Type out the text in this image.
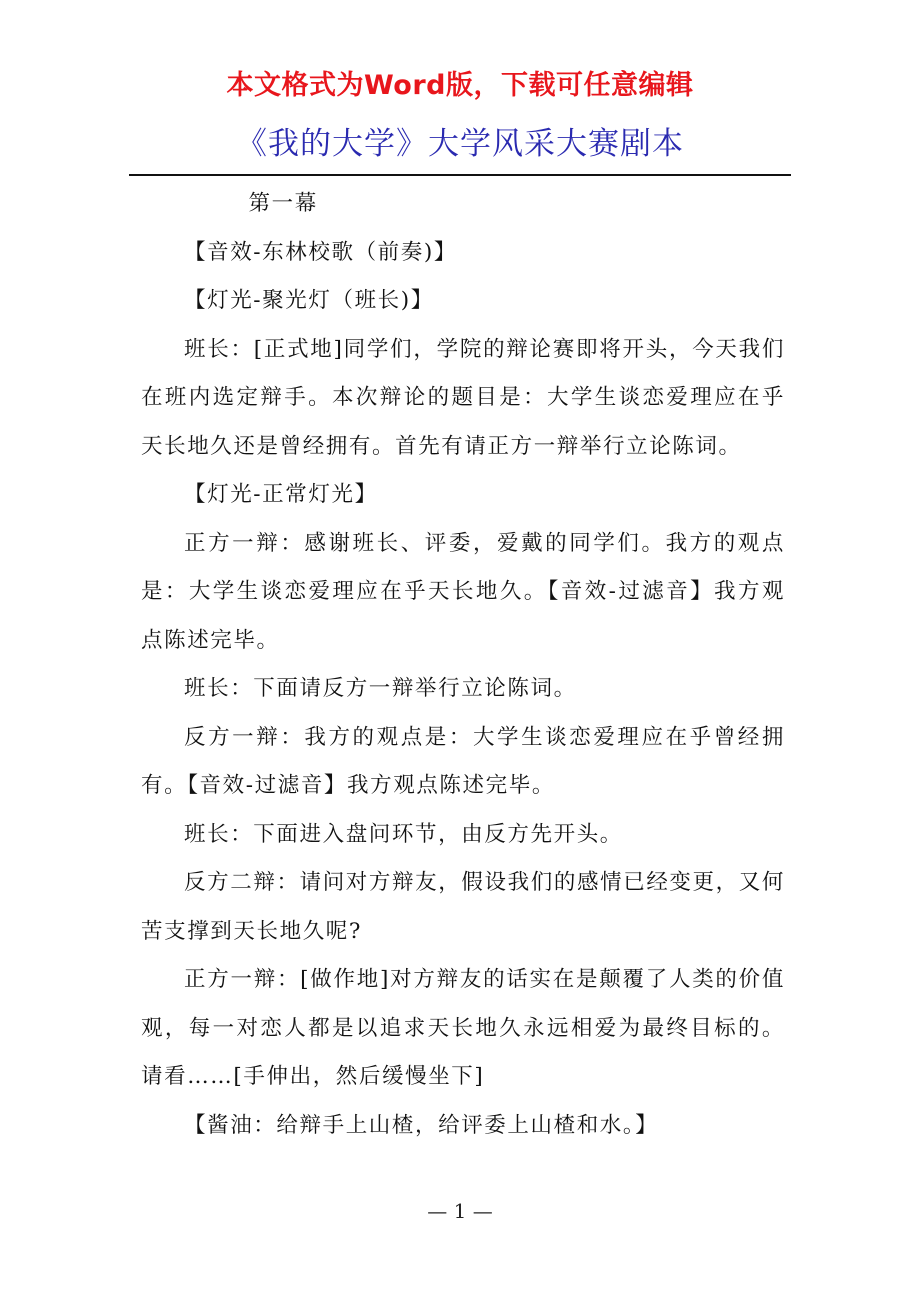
本文格式为Word版，下载可任意编辑
《我的大学》大学风采大赛剧本

第一幕

【音效-东林校歌（前奏)】

【灯光-聚光灯（班长)】

班长：[正式地]同学们，学院的辩论赛即将开头，今天我们在班内选定辩手。本次辩论的题目是：大学生谈恋爱理应在乎天长地久还是曾经拥有。首先有请正方一辩举行立论陈词。

【灯光-正常灯光】

正方一辩：感谢班长、评委，爱戴的同学们。我方的观点是：大学生谈恋爱理应在乎天长地久。【音效-过滤音】我方观点陈述完毕。

班长：下面请反方一辩举行立论陈词。

反方一辩：我方的观点是：大学生谈恋爱理应在乎曾经拥有。【音效-过滤音】我方观点陈述完毕。

班长：下面进入盘问环节，由反方先开头。

反方二辩：请问对方辩友，假设我们的感情已经变更，又何苦支撑到天长地久呢?

正方一辩：[做作地]对方辩友的话实在是颠覆了人类的价值观，每一对恋人都是以追求天长地久永远相爱为最终目标的。请看……[手伸出，然后缓慢坐下]

【酱油：给辩手上山楂，给评委上山楂和水。】

— 1 —
